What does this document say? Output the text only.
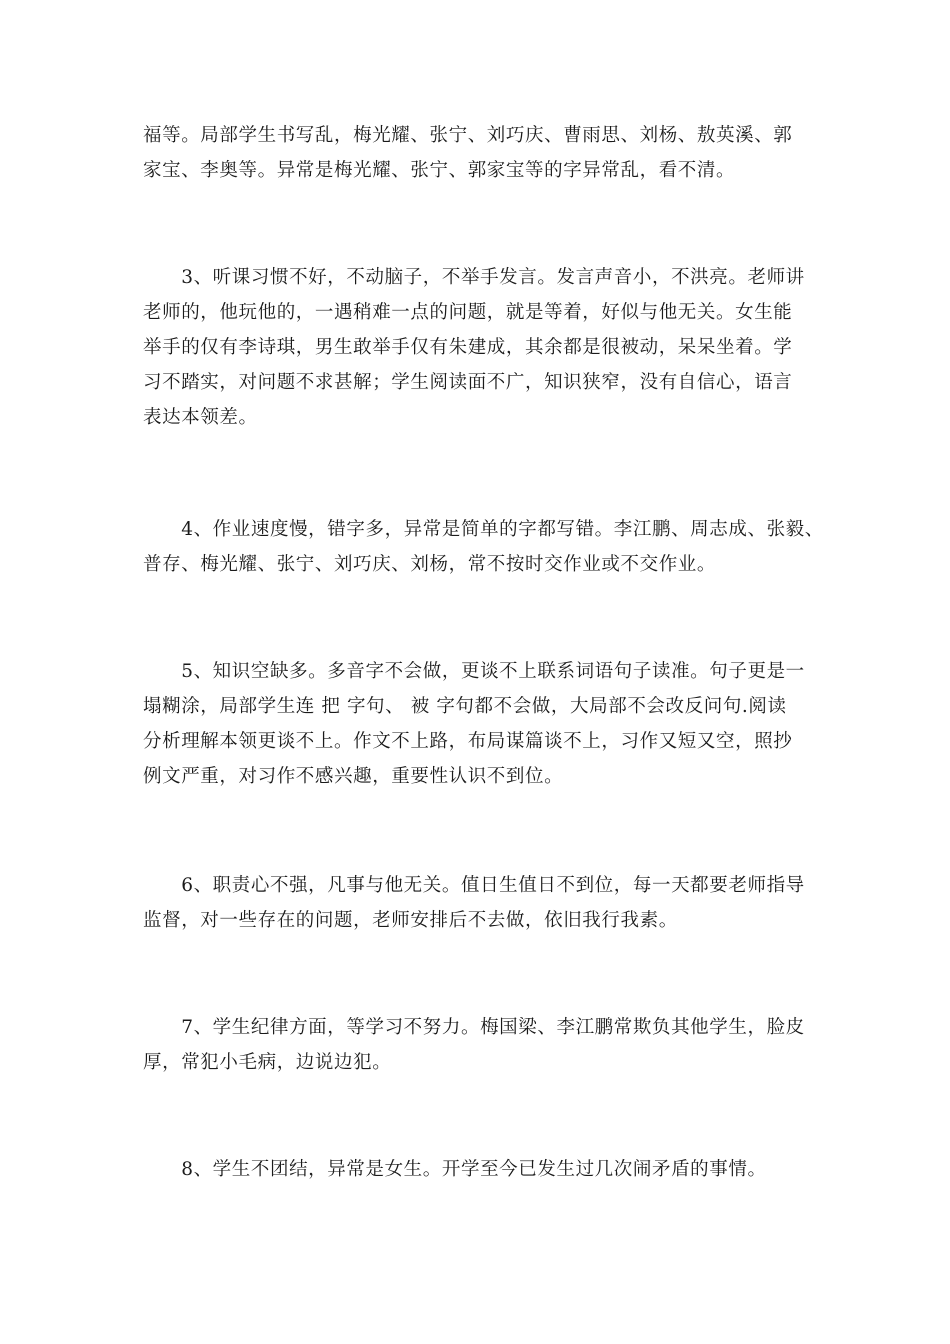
福等。局部学生书写乱，梅光耀、张宁、刘巧庆、曹雨思、刘杨、敖英溪、郭
家宝、李奥等。异常是梅光耀、张宁、郭家宝等的字异常乱，看不清。

　　3、听课习惯不好，不动脑子，不举手发言。发言声音小，不洪亮。老师讲
老师的，他玩他的，一遇稍难一点的问题，就是等着，好似与他无关。女生能
举手的仅有李诗琪，男生敢举手仅有朱建成，其余都是很被动，呆呆坐着。学
习不踏实，对问题不求甚解；学生阅读面不广，知识狭窄，没有自信心，语言
表达本领差。

　　4、作业速度慢，错字多，异常是简单的字都写错。李江鹏、周志成、张毅、
普存、梅光耀、张宁、刘巧庆、刘杨，常不按时交作业或不交作业。

　　5、知识空缺多。多音字不会做，更谈不上联系词语句子读准。句子更是一
塌糊涂，局部学生连 把 字句、 被 字句都不会做，大局部不会改反问句.阅读
分析理解本领更谈不上。作文不上路，布局谋篇谈不上，习作又短又空，照抄
例文严重，对习作不感兴趣，重要性认识不到位。

　　6、职责心不强，凡事与他无关。值日生值日不到位，每一天都要老师指导
监督，对一些存在的问题，老师安排后不去做，依旧我行我素。

　　7、学生纪律方面，等学习不努力。梅国梁、李江鹏常欺负其他学生，脸皮
厚，常犯小毛病，边说边犯。

　　8、学生不团结，异常是女生。开学至今已发生过几次闹矛盾的事情。
